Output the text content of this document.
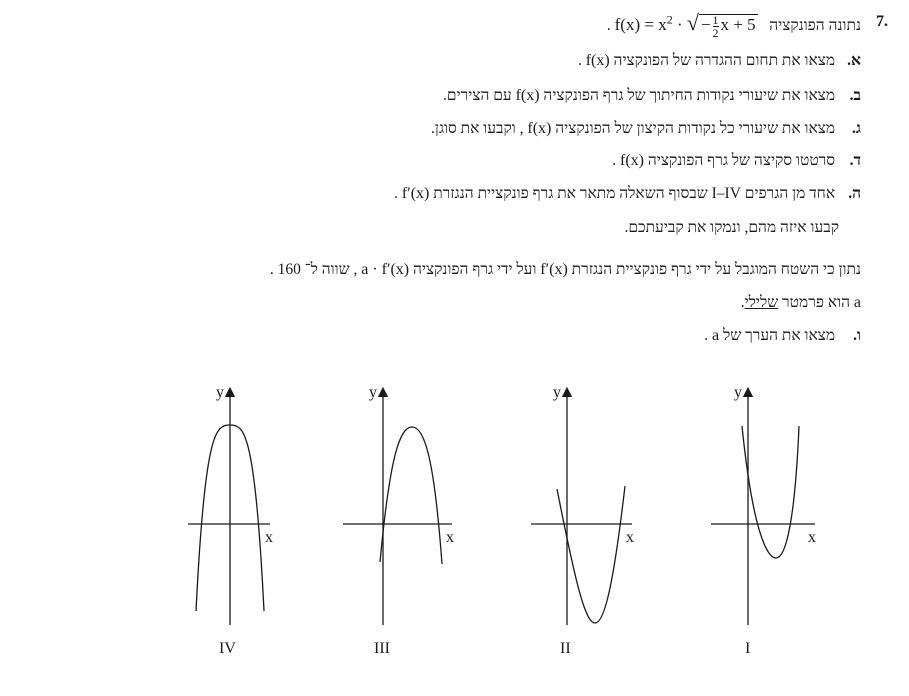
7.
נתונה הפונקציה   $f(x) = x^2$ · √ − $\frac{1}{2}$ x + 5 .
א. מצאו את תחום ההגדרה של הפונקציה f(x) .
ב. מצאו את שיעורי נקודות החיתוך של גרף הפונקציה f(x) עם הצירים.
ג. מצאו את שיעורי כל נקודות הקיצון של הפונקציה f(x) , וקבעו את סוגן.
ד. סרטטו סקיצה של גרף הפונקציה f(x) .
ה. אחד מן הגרפים I–IV שבסוף השאלה מתאר את גרף פונקציית הנגזרת f′(x) .
קבעו איזה מהם, ונמקו את קביעתכם.
נתון כי השטח המוגבל על ידי גרף פונקציית הנגזרת f′(x) ועל ידי גרף הפונקציה a · f′(x) , שווה ל־ 160 .
a הוא פרמטר שלילי.
ו. מצאו את הערך של a .
y
x
y
x
y
x
y
x
IV	III	II	I
